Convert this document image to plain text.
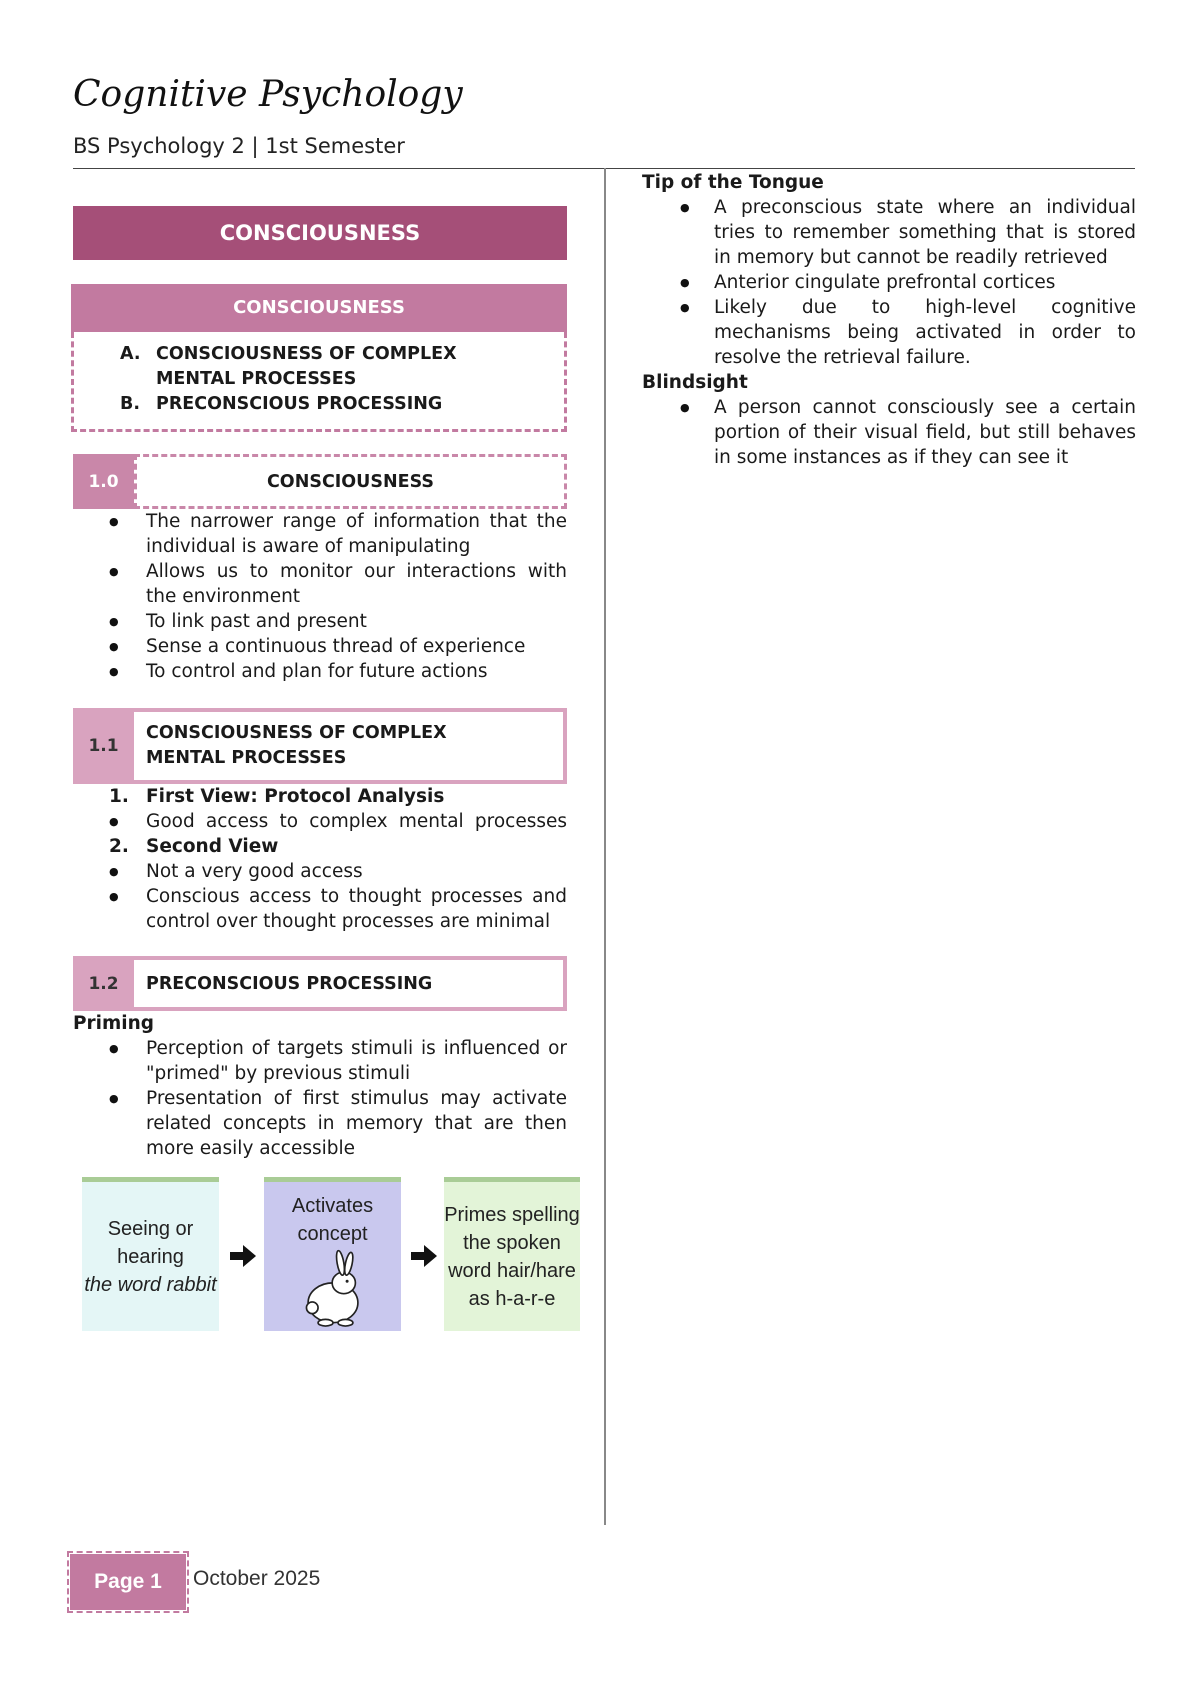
Cognitive Psychology
BS Psychology 2 | 1st Semester
CONSCIOUSNESS
CONSCIOUSNESS
A. CONSCIOUSNESS OF COMPLEX
MENTAL PROCESSES
B. PRECONSCIOUS PROCESSING
1.0	CONSCIOUSNESS
● The narrower range of information that the individual is aware of manipulating
● Allows us to monitor our interactions with the environment
● To link past and present
● Sense a continuous thread of experience
● To control and plan for future actions
1.1
CONSCIOUSNESS OF COMPLEX
MENTAL PROCESSES
1. First View: Protocol Analysis
● Good access to complex mental processes
2. Second View
● Not a very good access
● Conscious access to thought processes and control over thought processes are minimal
1.2	PRECONSCIOUS PROCESSING
Priming
● Perception of targets stimuli is influenced or "primed" by previous stimuli
● Presentation of first stimulus may activate related concepts in memory that are then more easily accessible
Seeing or hearing
the word rabbit
Activates concept
Primes spelling
the spoken
word hair/hare
as h-a-r-e
Tip of the Tongue
● A preconscious state where an individual tries to remember something that is stored in memory but cannot be readily retrieved
● Anterior cingulate prefrontal cortices
● Likely due to high-level cognitive mechanisms being activated in order to resolve the retrieval failure.
Blindsight
● A person cannot consciously see a certain portion of their visual field, but still behaves in some instances as if they can see it
Page 1	October 2025
